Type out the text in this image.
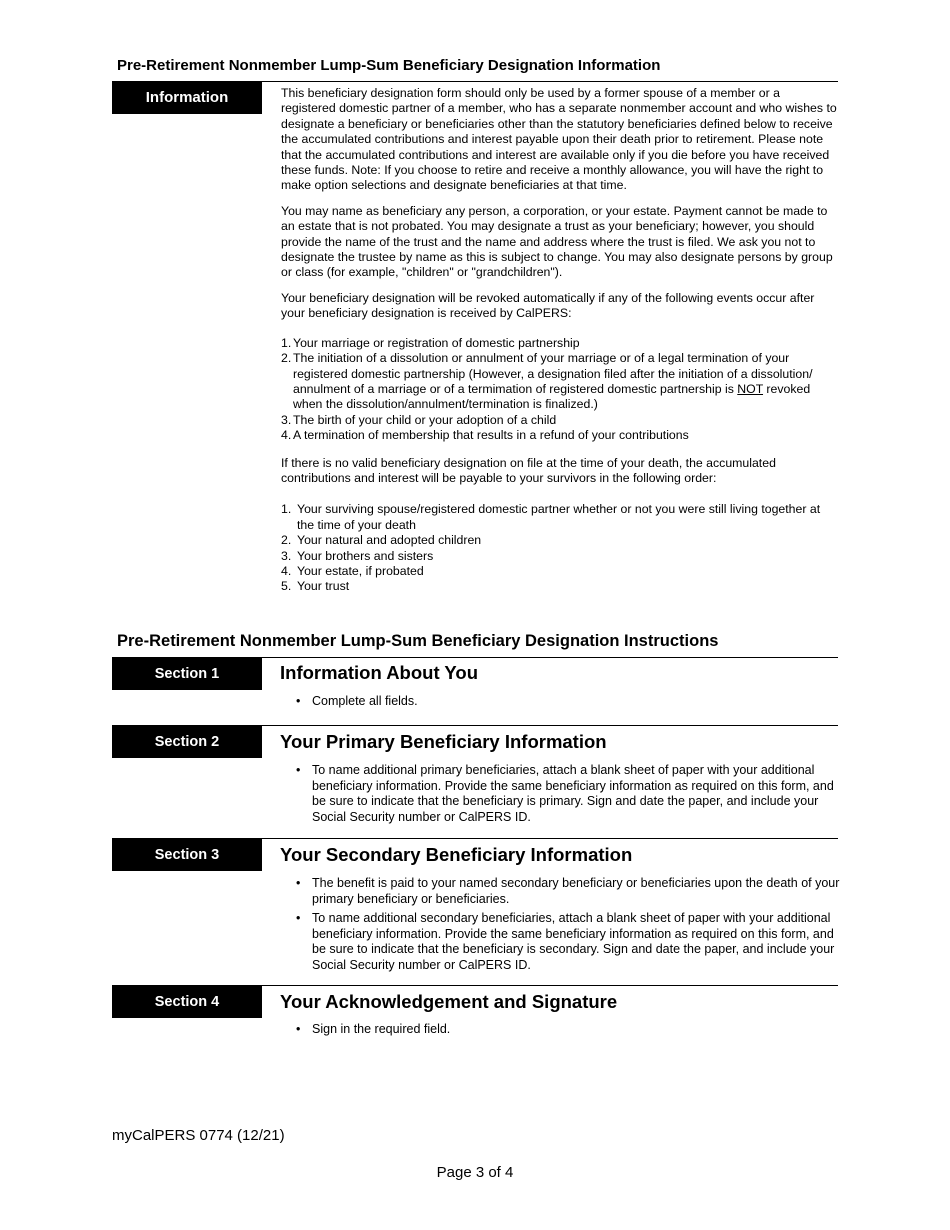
Pre-Retirement Nonmember Lump-Sum Beneficiary Designation Information
Information	This beneficiary designation form should only be used by a former spouse of a member or a registered domestic partner of a member, who has a separate nonmember account and who wishes to designate a beneficiary or beneficiaries other than the statutory beneficiaries defined below to receive the accumulated contributions and interest payable upon their death prior to retirement. Please note that the accumulated contributions and interest are available only if you die before you have received these funds. Note: If you choose to retire and receive a monthly allowance, you will have the right to make option selections and designate beneficiaries at that time.

You may name as beneficiary any person, a corporation, or your estate. Payment cannot be made to an estate that is not probated. You may designate a trust as your beneficiary; however, you should provide the name of the trust and the name and address where the trust is filed. We ask you not to designate the trustee by name as this is subject to change. You may also designate persons by group or class (for example, "children" or "grandchildren").

Your beneficiary designation will be revoked automatically if any of the following events occur after your beneficiary designation is received by CalPERS:

1. Your marriage or registration of domestic partnership
2. The initiation of a dissolution or annulment of your marriage or of a legal termination of your registered domestic partnership (However, a designation filed after the initiation of a dissolution/ annulment of a marriage or of a termimation of registered domestic partnership is NOT revoked when the dissolution/annulment/termination is finalized.)
3. The birth of your child or your adoption of a child
4. A termination of membership that results in a refund of your contributions

If there is no valid beneficiary designation on file at the time of your death, the accumulated contributions and interest will be payable to your survivors in the following order:

1. Your surviving spouse/registered domestic partner whether or not you were still living together at the time of your death
2. Your natural and adopted children
3. Your brothers and sisters
4. Your estate, if probated
5. Your trust
Pre-Retirement Nonmember Lump-Sum Beneficiary Designation Instructions
Section 1	Information About You
• Complete all fields.
Section 2	Your Primary Beneficiary Information
• To name additional primary beneficiaries, attach a blank sheet of paper with your additional beneficiary information. Provide the same beneficiary information as required on this form, and be sure to indicate that the beneficiary is primary. Sign and date the paper, and include your Social Security number or CalPERS ID.
Section 3	Your Secondary Beneficiary Information
• The benefit is paid to your named secondary beneficiary or beneficiaries upon the death of your primary beneficiary or beneficiaries.
• To name additional secondary beneficiaries, attach a blank sheet of paper with your additional beneficiary information. Provide the same beneficiary information as required on this form, and be sure to indicate that the beneficiary is secondary. Sign and date the paper, and include your Social Security number or CalPERS ID.
Section 4	Your Acknowledgement and Signature
• Sign in the required field.
myCalPERS 0774 (12/21)
Page 3 of 4
